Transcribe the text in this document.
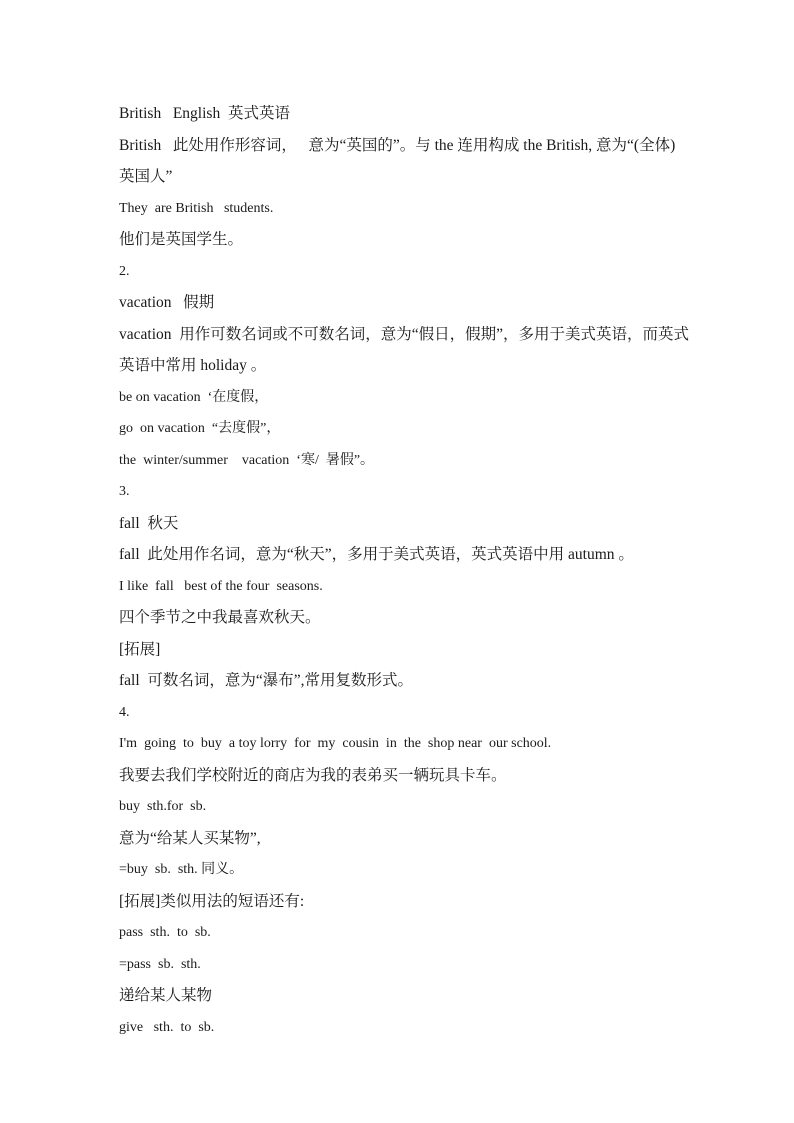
British   English  英式英语
British   此处用作形容词，   意为“英国的”。与 the 连用构成 the British, 意为“(全体)英国人”
They  are British   students.
他们是英国学生。
2.
vacation   假期
vacation  用作可数名词或不可数名词，意为“假日，假期”，多用于美式英语，而英式英语中常用 holiday 。
be on vacation  ‘在度假，
go  on vacation  “去度假”，
the  winter/summer    vacation  ‘寒/  暑假”。
3.
fall  秋天
fall  此处用作名词，意为“秋天”，多用于美式英语，英式英语中用 autumn 。
I like  fall   best of the four  seasons.
四个季节之中我最喜欢秋天。
[拓展]
fall  可数名词，意为“瀑布”,常用复数形式。
4.
I'm  going  to  buy  a toy lorry  for  my  cousin  in  the  shop near  our school.
我要去我们学校附近的商店为我的表弟买一辆玩具卡车。
buy  sth.for  sb.
意为“给某人买某物”,
=buy  sb.  sth. 同义。
[拓展]类似用法的短语还有:
pass  sth.  to  sb.
=pass  sb.  sth.
递给某人某物
give   sth.  to  sb.
